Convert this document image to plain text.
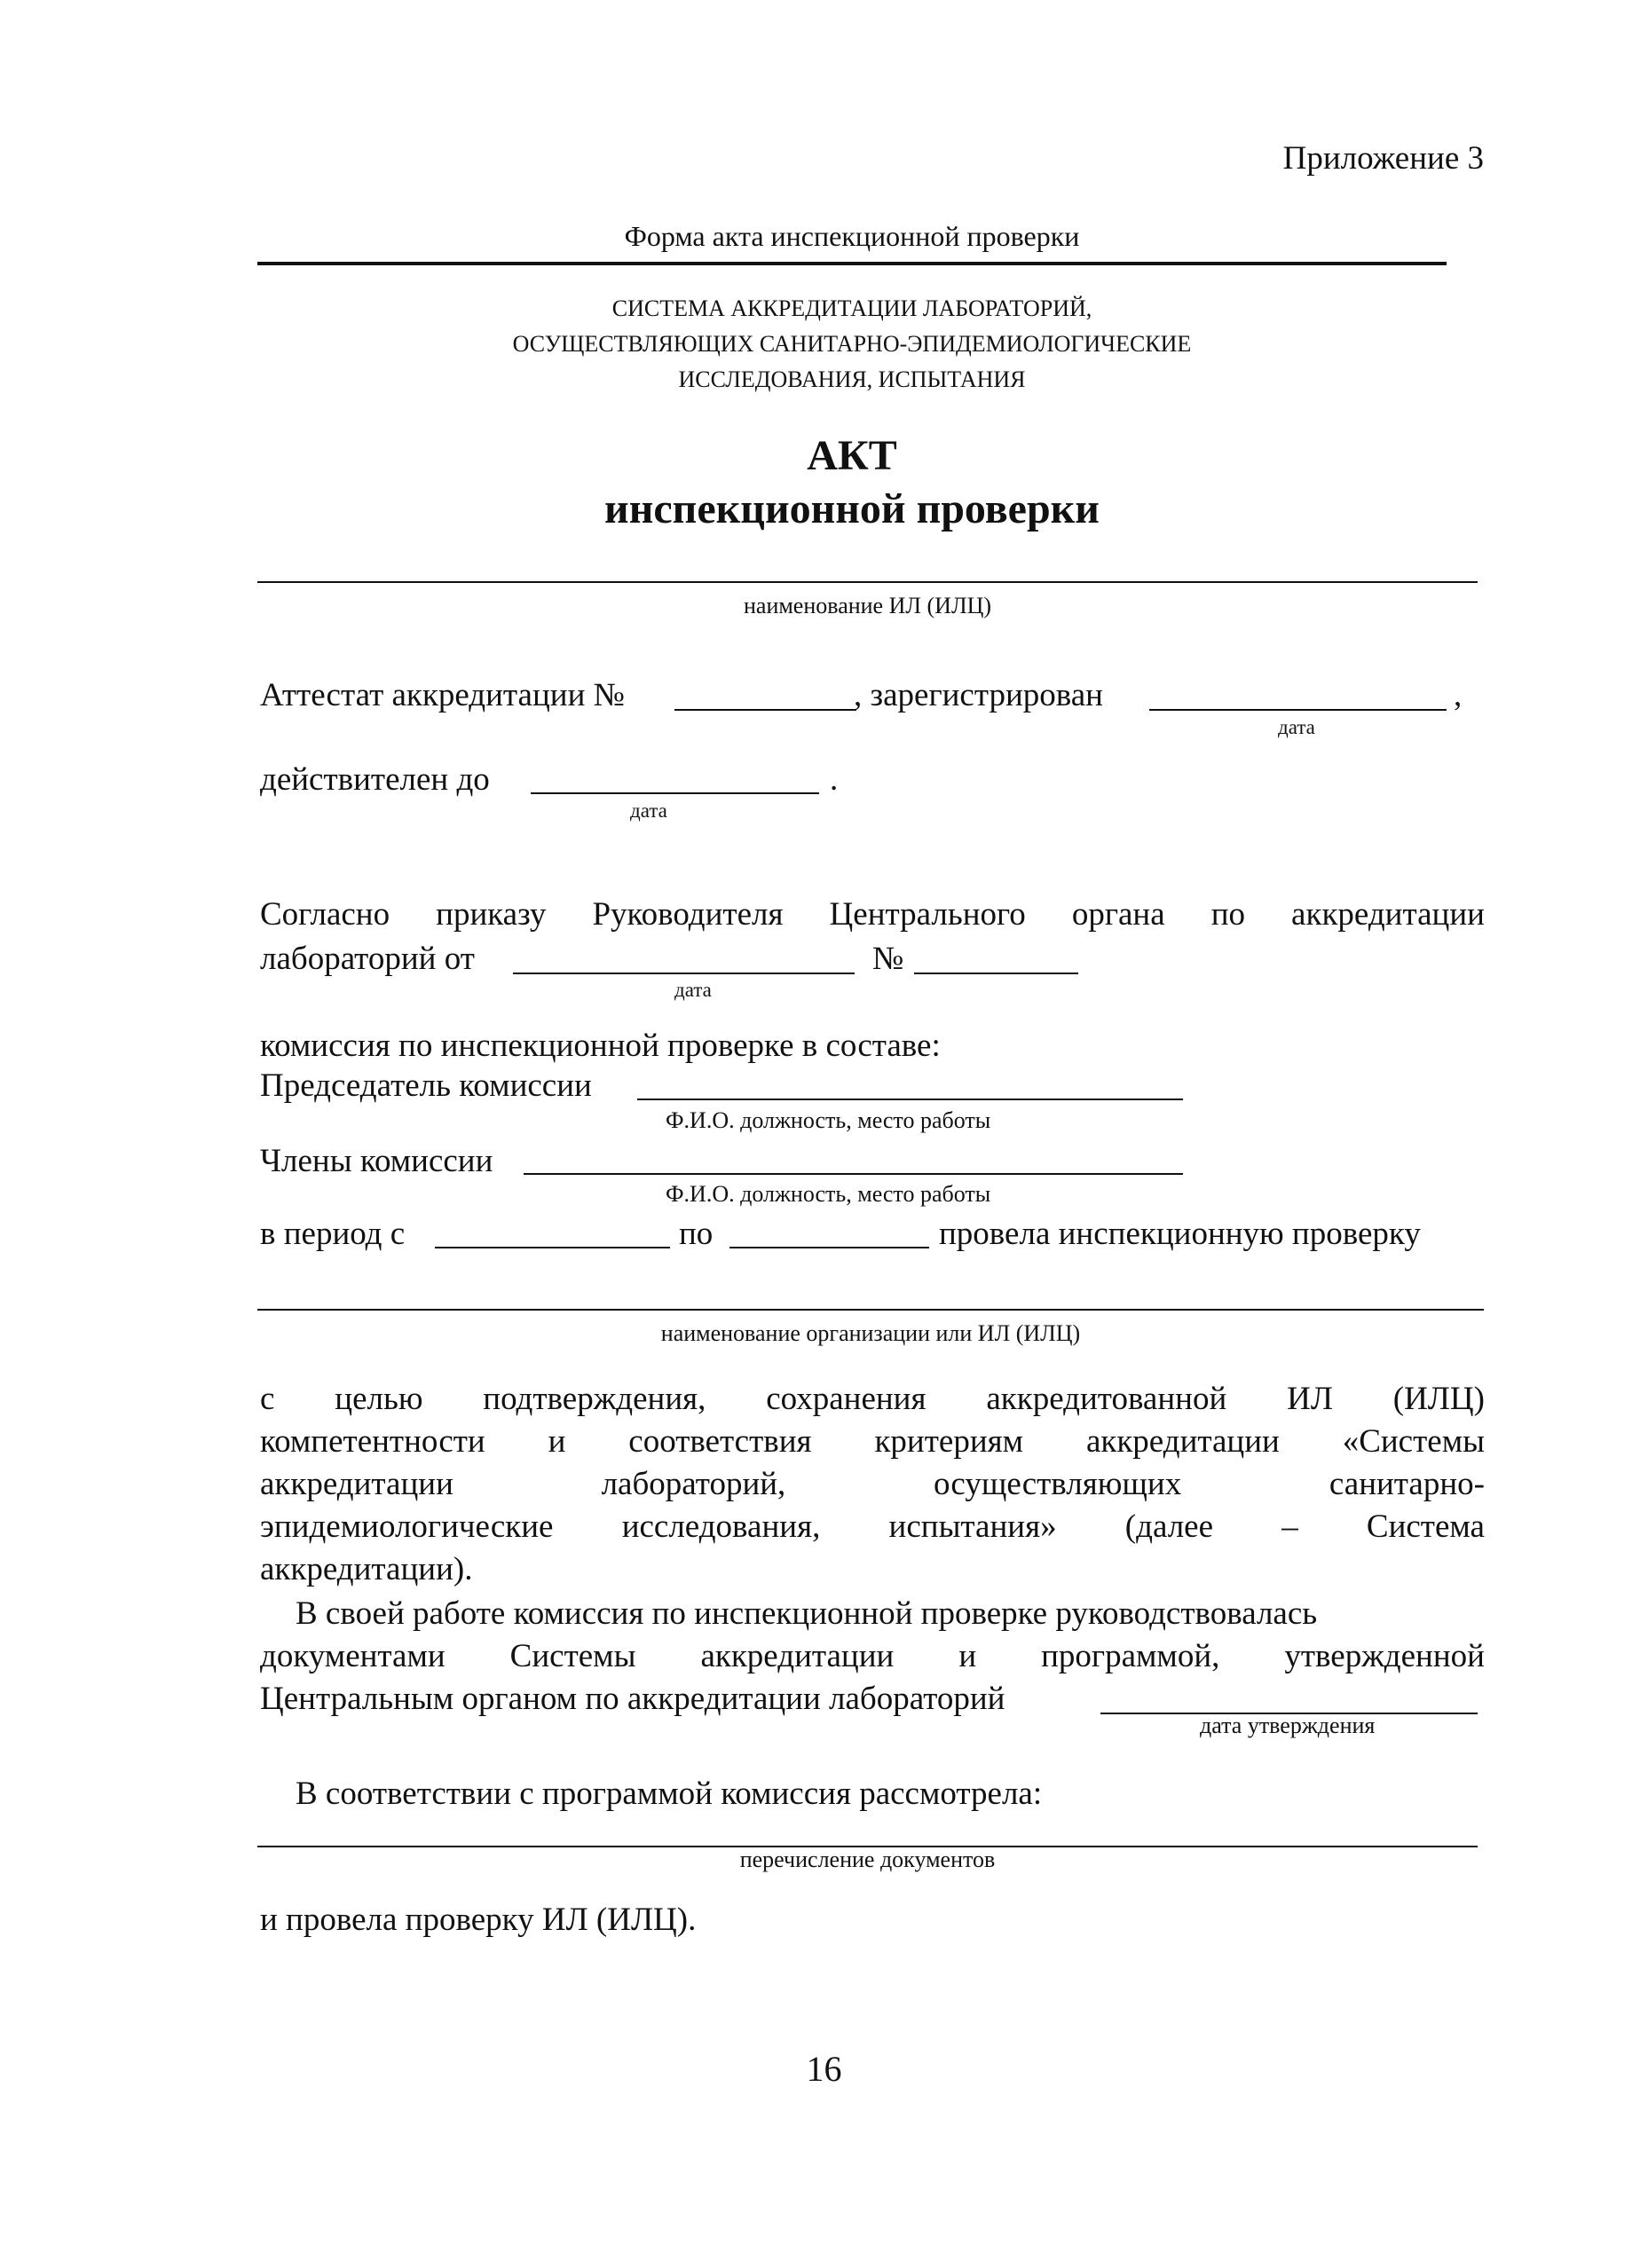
Приложение 3
Форма акта инспекционной проверки
СИСТЕМА АККРЕДИТАЦИИ ЛАБОРАТОРИЙ,
ОСУЩЕСТВЛЯЮЩИХ САНИТАРНО-ЭПИДЕМИОЛОГИЧЕСКИЕ
ИССЛЕДОВАНИЯ, ИСПЫТАНИЯ
АКТ
инспекционной проверки
наименование ИЛ (ИЛЦ)
Аттестат аккредитации №	, зарегистрирован	,
дата
действителен до	.
дата
Согласно приказу Руководителя Центрального органа по аккредитации
лабораторий от	№
дата
комиссия по инспекционной проверке в составе:
Председатель комиссии
Ф.И.О. должность, место работы
Члены комиссии
Ф.И.О. должность, место работы
в период с	по	провела инспекционную проверку
наименование организации или ИЛ (ИЛЦ)
с целью подтверждения, сохранения аккредитованной ИЛ (ИЛЦ)
компетентности и соответствия критериям аккредитации «Системы
аккредитации	лабораторий,	осуществляющих	санитарно-
эпидемиологические исследования, испытания» (далее – Система
аккредитации).
В своей работе комиссия по инспекционной проверке руководствовалась
документами Системы аккредитации и программой, утвержденной
Центральным органом по аккредитации лабораторий
дата утверждения
В соответствии с программой комиссия рассмотрела:
перечисление документов
и провела проверку ИЛ (ИЛЦ).
16
